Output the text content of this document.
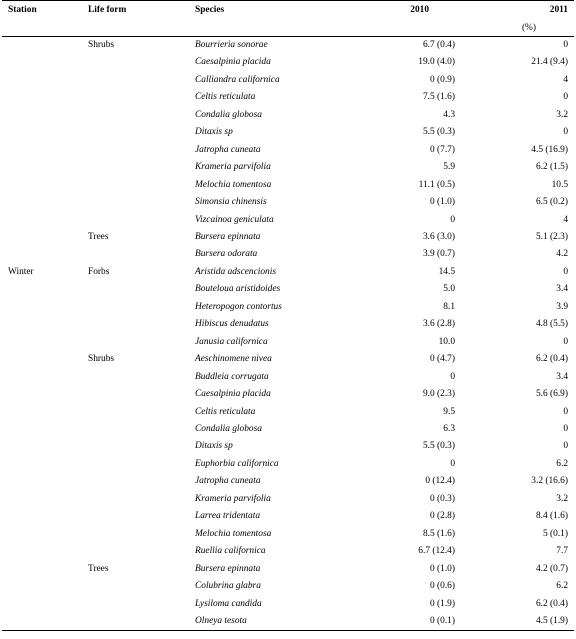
Station	Life form	Species	2010	2011
(%)				
	Shrubs	Bourrieria sonorae	6.7 (0.4)	0
		Caesalpinia placida	19.0 (4.0)	21.4 (9.4)
		Calliandra californica	0 (0.9)	4
		Celtis reticulata	7.5 (1.6)	0
		Condalia globosa	4.3	3.2
		Ditaxis sp	5.5 (0.3)	0
		Jatropha cuneata	0 (7.7)	4.5 (16.9)
		Krameria parvifolia	5.9	6.2 (1.5)
		Melochia tomentosa	11.1 (0.5)	10.5
		Simonsia chinensis	0 (1.0)	6.5 (0.2)
		Vizcainoa geniculata	0	4
	Trees	Bursera epinnata	3.6 (3.0)	5.1 (2.3)
		Bursera odorata	3.9 (0.7)	4.2
Winter	Forbs	Aristida adscencionis	14.5	0
		Bouteloua aristidoides	5.0	3.4
		Heteropogon contortus	8.1	3.9
		Hibiscus denudatus	3.6 (2.8)	4.8 (5.5)
		Janusia californica	10.0	0
	Shrubs	Aeschinomene nivea	0 (4.7)	6.2 (0.4)
		Buddleia corrugata	0	3.4
		Caesalpinia placida	9.0 (2.3)	5.6 (6.9)
		Celtis reticulata	9.5	0
		Condalia globosa	6.3	0
		Ditaxis sp	5.5 (0.3)	0
		Euphorbia californica	0	6.2
		Jatropha cuneata	0 (12.4)	3.2 (16.6)
		Krameria parvifolia	0 (0.3)	3.2
		Larrea tridentata	0 (2.8)	8.4 (1.6)
		Melochia tomentosa	8.5 (1.6)	5 (0.1)
		Ruellia californica	6.7 (12.4)	7.7
	Trees	Bursera epinnata	0 (1.0)	4.2 (0.7)
		Colubrina glabra	0 (0.6)	6.2
		Lysiloma candida	0 (1.9)	6.2 (0.4)
		Olneya tesota	0 (0.1)	4.5 (1.9)
